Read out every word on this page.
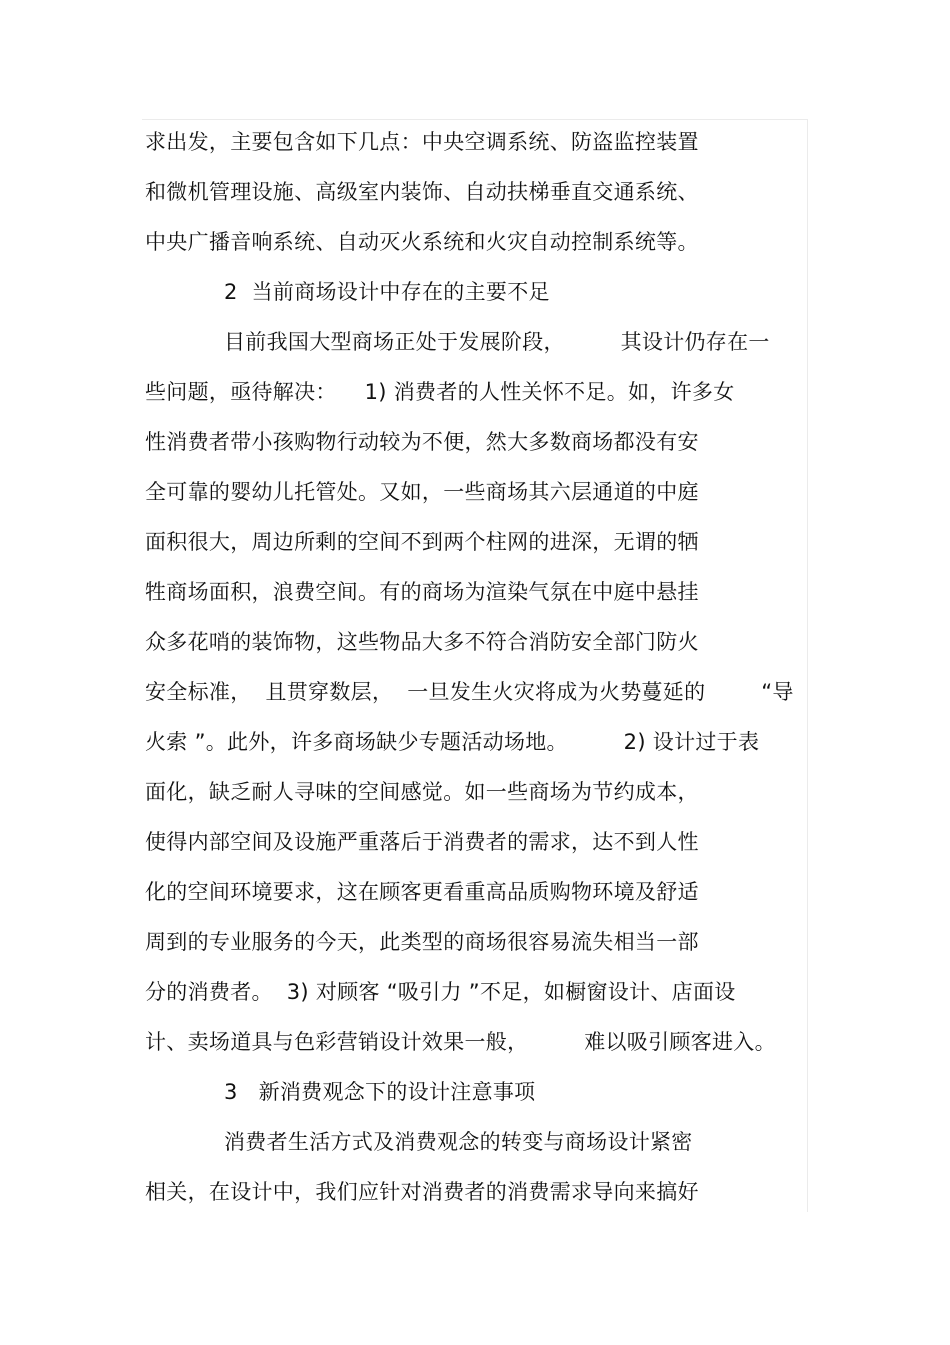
求出发，主要包含如下几点：中央空调系统、防盗监控装置
和微机管理设施、高级室内装饰、自动扶梯垂直交通系统、
中央广播音响系统、自动灭火系统和火灾自动控制系统等。
2  当前商场设计中存在的主要不足
目前我国大型商场正处于发展阶段，        其设计仍存在一
些问题，亟待解决：    1) 消费者的人性关怀不足。如，许多女
性消费者带小孩购物行动较为不便，然大多数商场都没有安
全可靠的婴幼儿托管处。又如，一些商场其六层通道的中庭
面积很大，周边所剩的空间不到两个柱网的进深，无谓的牺
牲商场面积，浪费空间。有的商场为渲染气氛在中庭中悬挂
众多花哨的装饰物，这些物品大多不符合消防安全部门防火
安全标准，  且贯穿数层，  一旦发生火灾将成为火势蔓延的        “导
火索 ”。此外，许多商场缺少专题活动场地。        2) 设计过于表
面化，缺乏耐人寻味的空间感觉。如一些商场为节约成本，
使得内部空间及设施严重落后于消费者的需求，达不到人性
化的空间环境要求，这在顾客更看重高品质购物环境及舒适
周到的专业服务的今天，此类型的商场很容易流失相当一部
分的消费者。  3) 对顾客 “吸引力 ”不足，如橱窗设计、店面设
计、卖场道具与色彩营销设计效果一般，        难以吸引顾客进入。
3   新消费观念下的设计注意事项
消费者生活方式及消费观念的转变与商场设计紧密
相关，在设计中，我们应针对消费者的消费需求导向来搞好
